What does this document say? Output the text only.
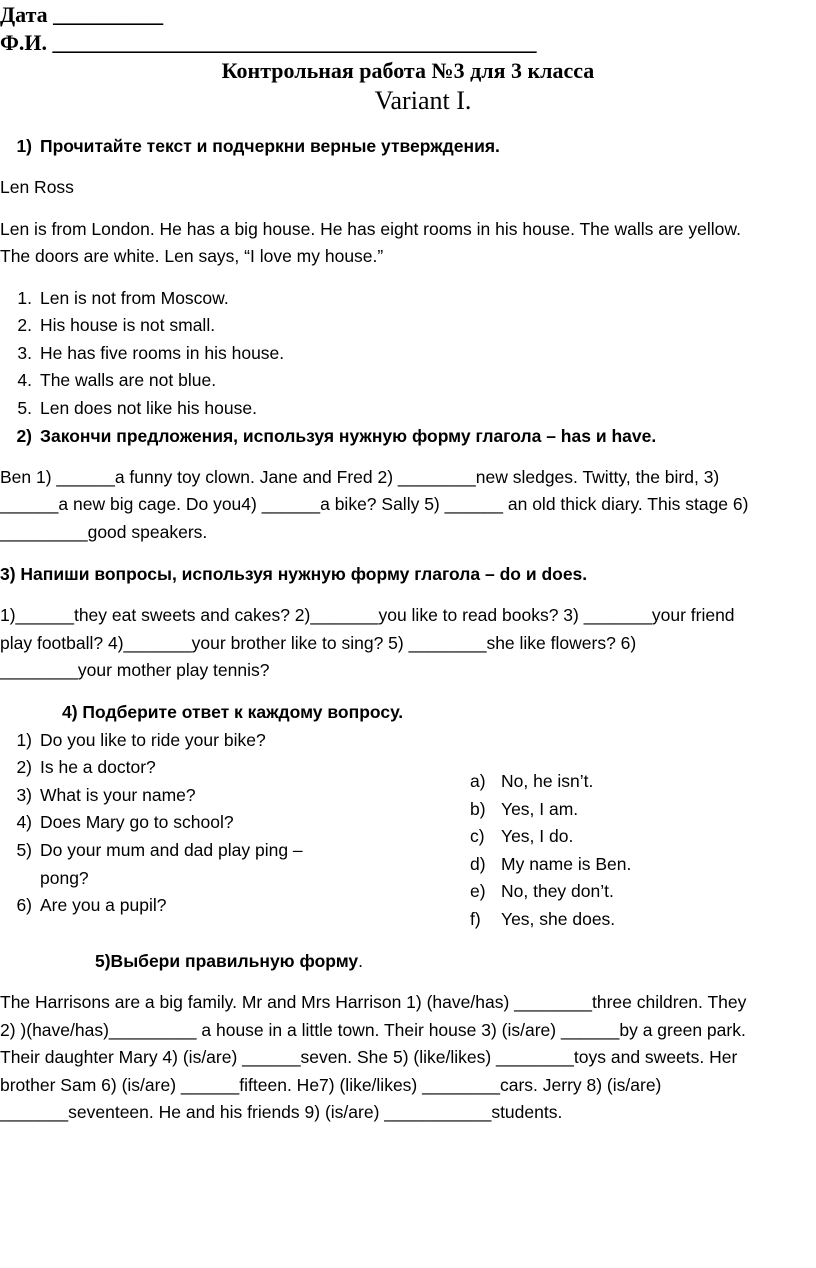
Дата __________
Ф.И. ____________________________________________
Контрольная работа №3 для 3 класса
Variant I.
1) Прочитайте текст и подчеркни верные утверждения.
Len Ross
Len is from London. He has a big house. He has eight rooms in his house. The walls are yellow.
The doors are white. Len says, “I love my house.”
1. Len is not from Moscow.
2. His house is not small.
3. He has five rooms in his house.
4. The walls are not blue.
5. Len does not like his house.
2) Закончи предложения, используя нужную форму глагола – has и have.
Ben 1) ______a funny toy clown. Jane and Fred 2) ________new sledges. Twitty, the bird, 3)
______a new big cage. Do you4) ______a bike? Sally 5) ______ an old thick diary. This stage 6)
_________good speakers.
3) Напиши вопросы, используя нужную форму глагола – do и does.
1)______they eat sweets and cakes? 2)_______you like to read books? 3) _______your friend
play football? 4)_______your brother like to sing? 5) ________she like flowers? 6)
________your mother play tennis?
4) Подберите ответ к каждому вопросу.
1) Do you like to ride your bike?
2) Is he a doctor?
3) What is your name?
4) Does Mary go to school?
5) Do your mum and dad play ping –
pong?
6) Are you a pupil?
a) No, he isn’t.
b) Yes, I am.
c) Yes, I do.
d) My name is Ben.
e) No, they don’t.
f) Yes, she does.
5)Выбери правильную форму.
The Harrisons are a big family. Mr and Mrs Harrison 1) (have/has) ________three children. They
2) )(have/has)_________ a house in a little town. Their house 3) (is/are) ______by a green park.
Their daughter Mary 4) (is/are) ______seven. She 5) (like/likes) ________toys and sweets. Her
brother Sam 6) (is/are) ______fifteen. He7) (like/likes) ________cars. Jerry 8) (is/are)
_______seventeen. He and his friends 9) (is/are) ___________students.
